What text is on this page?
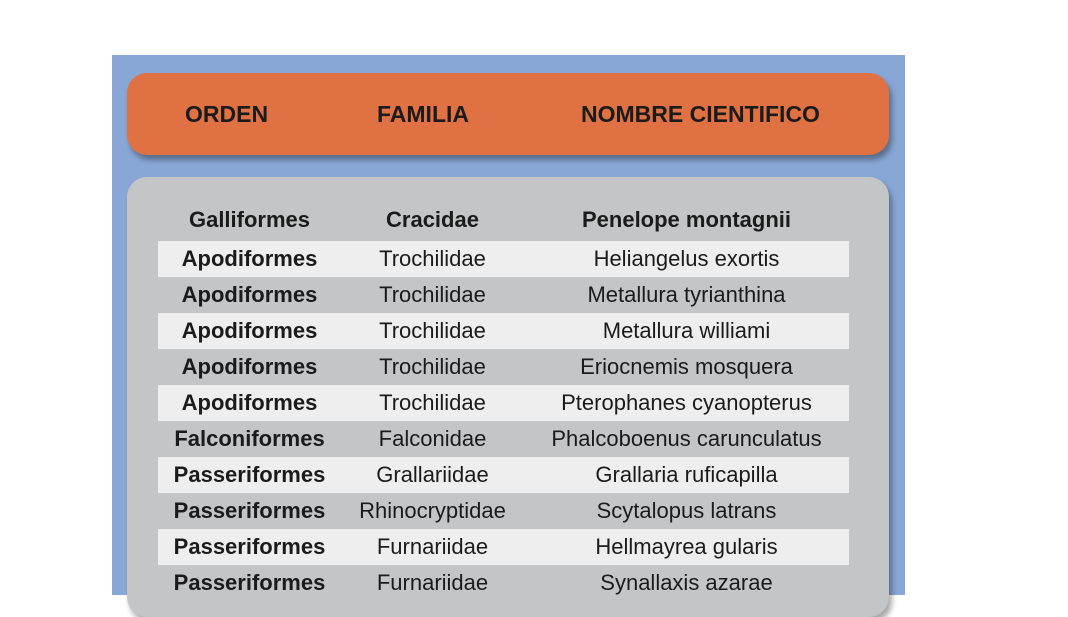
ORDEN	FAMILIA	NOMBRE CIENTIFICO
Galliformes	Cracidae	Penelope montagnii
Apodiformes	Trochilidae	Heliangelus exortis
Apodiformes	Trochilidae	Metallura tyrianthina
Apodiformes	Trochilidae	Metallura williami
Apodiformes	Trochilidae	Eriocnemis mosquera
Apodiformes	Trochilidae	Pterophanes cyanopterus
Falconiformes	Falconidae	Phalcoboenus carunculatus
Passeriformes	Grallariidae	Grallaria ruficapilla
Passeriformes	Rhinocryptidae	Scytalopus latrans
Passeriformes	Furnariidae	Hellmayrea gularis
Passeriformes	Furnariidae	Synallaxis azarae
